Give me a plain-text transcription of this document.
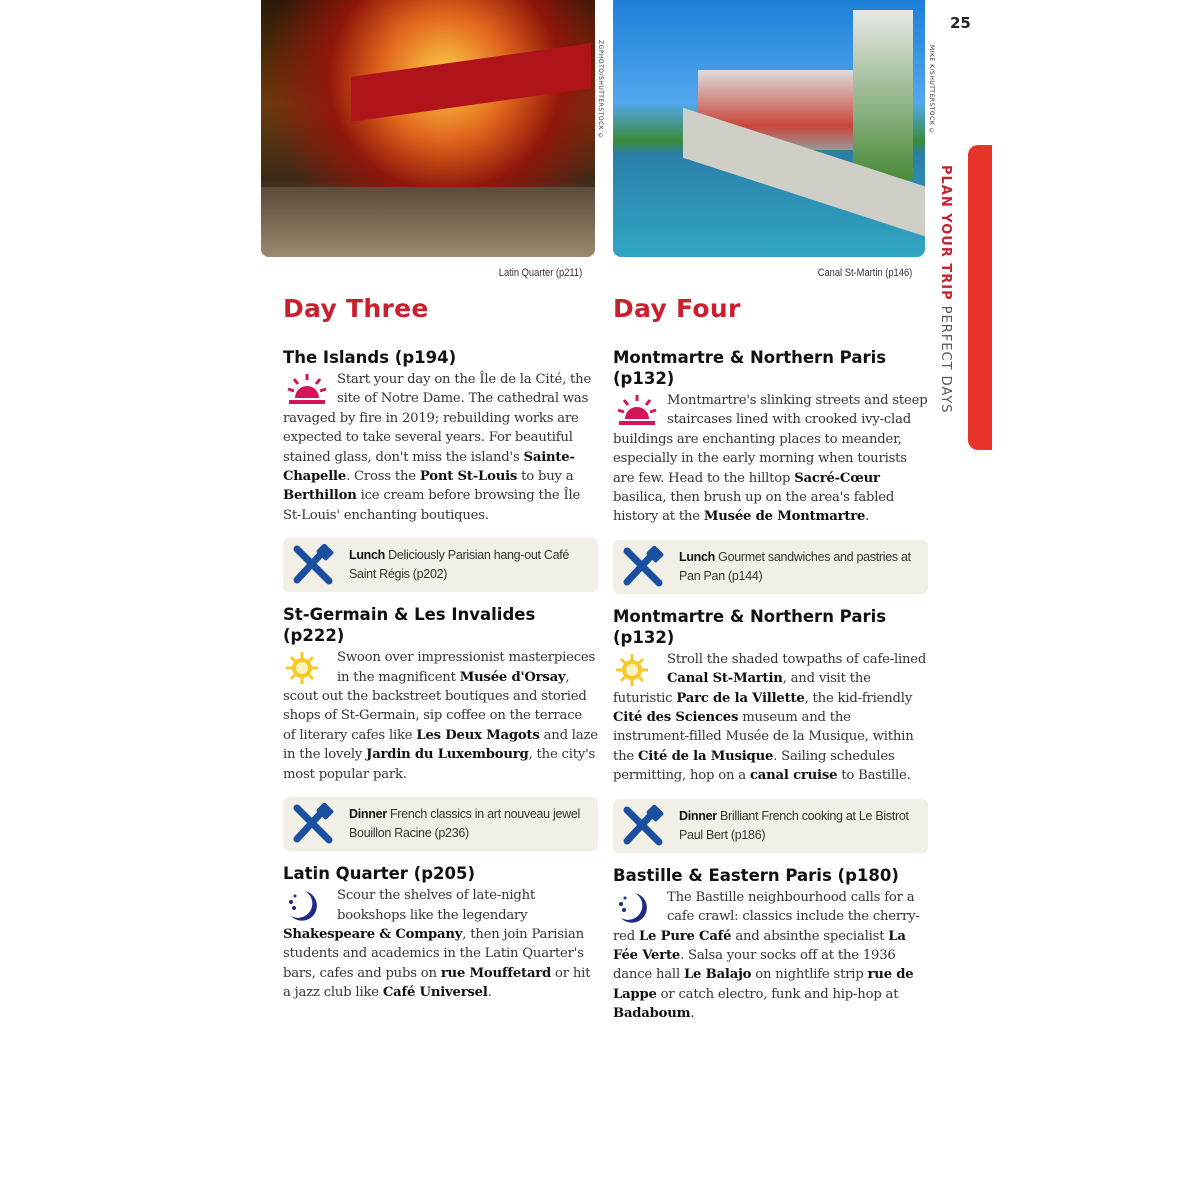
ZGPHOTO/SHUTTERSTOCK ©	MIKE K/SHUTTERSTOCK ©
Latin Quarter (p211)	Canal St-Martin (p146)
25
PLAN YOUR TRIP PERFECT DAYS
Day Three
The Islands (p194)

Start your day on the Île de la Cité, the site of Notre Dame. The cathedral was ravaged by fire in 2019; rebuilding works are expected to take several years. For beautiful stained glass, don't miss the island's Sainte-Chapelle. Cross the Pont St-Louis to buy a Berthillon ice cream before browsing the Île St-Louis' enchanting boutiques.

Lunch Deliciously Parisian hang-out Café Saint Régis (p202)
St-Germain & Les Invalides (p222)

Swoon over impressionist masterpieces in the magnificent Musée d'Orsay, scout out the backstreet boutiques and storied shops of St-Germain, sip coffee on the terrace of literary cafes like Les Deux Magots and laze in the lovely Jardin du Luxembourg, the city's most popular park.

Dinner French classics in art nouveau jewel Bouillon Racine (p236)
Latin Quarter (p205)

Scour the shelves of late-night bookshops like the legendary Shakespeare & Company, then join Parisian students and academics in the Latin Quarter's bars, cafes and pubs on rue Mouffetard or hit a jazz club like Café Universel.

Day Four
Montmartre & Northern Paris (p132)

Montmartre's slinking streets and steep staircases lined with crooked ivy-clad buildings are enchanting places to meander, especially in the early morning when tourists are few. Head to the hilltop Sacré-Cœur basilica, then brush up on the area's fabled history at the Musée de Montmartre.

Lunch Gourmet sandwiches and pastries at Pan Pan (p144)
Montmartre & Northern Paris (p132)

Stroll the shaded towpaths of cafe-lined Canal St-Martin, and visit the futuristic Parc de la Villette, the kid-friendly Cité des Sciences museum and the instrument-filled Musée de la Musique, within the Cité de la Musique. Sailing schedules permitting, hop on a canal cruise to Bastille.

Dinner Brilliant French cooking at Le Bistrot Paul Bert (p186)
Bastille & Eastern Paris (p180)

The Bastille neighbourhood calls for a cafe crawl: classics include the cherry-red Le Pure Café and absinthe specialist La Fée Verte. Salsa your socks off at the 1936 dance hall Le Balajo on nightlife strip rue de Lappe or catch electro, funk and hip-hop at Badaboum.
